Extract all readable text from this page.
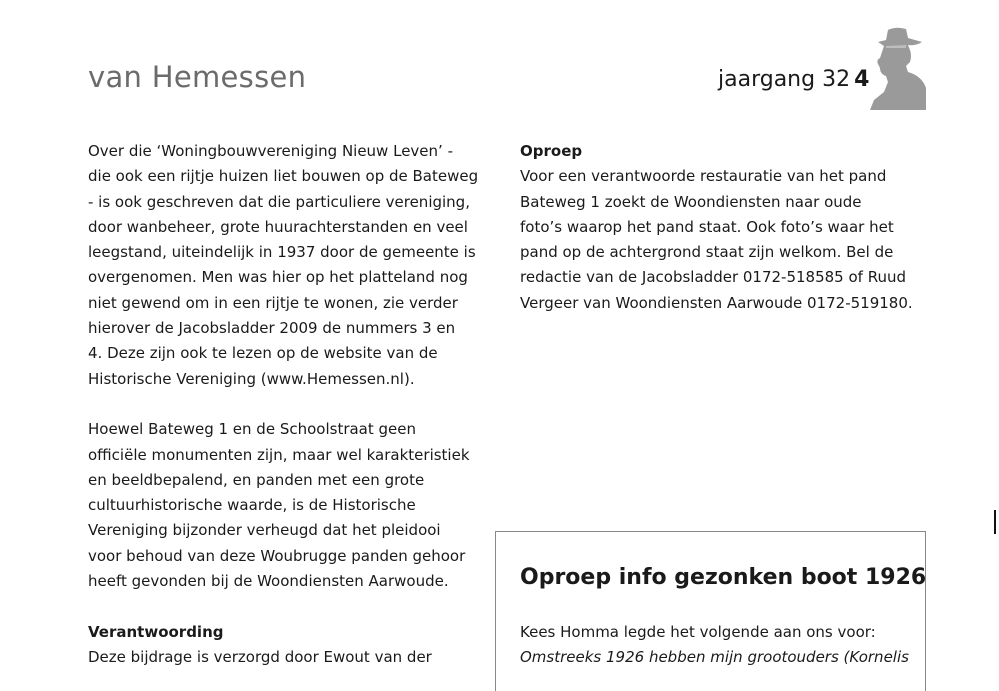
van Hemessen	jaargang 32 4

Over die ‘Woningbouwvereniging Nieuw Leven’ -

die ook een rijtje huizen liet bouwen op de Bateweg

- is ook geschreven dat die particuliere vereniging,

door wanbeheer, grote huurachterstanden en veel

leegstand, uiteindelijk in 1937 door de gemeente is

overgenomen. Men was hier op het platteland nog

niet gewend om in een rijtje te wonen, zie verder

hierover de Jacobsladder 2009 de nummers 3 en

4. Deze zijn ook te lezen op de website van de

Historische Vereniging (www.Hemessen.nl).

Hoewel Bateweg 1 en de Schoolstraat geen

officiële monumenten zijn, maar wel karakteristiek

en beeldbepalend, en panden met een grote

cultuurhistorische waarde, is de Historische

Vereniging bijzonder verheugd dat het pleidooi

voor behoud van deze Woubrugge panden gehoor

heeft gevonden bij de Woondiensten Aarwoude.

Verantwoording

Deze bijdrage is verzorgd door Ewout van der

Oproep

Voor een verantwoorde restauratie van het pand

Bateweg 1 zoekt de Woondiensten naar oude

foto’s waarop het pand staat. Ook foto’s waar het

pand op de achtergrond staat zijn welkom. Bel de

redactie van de Jacobsladder 0172-518585 of Ruud

Vergeer van Woondiensten Aarwoude 0172-519180.

Oproep info gezonken boot 1926

Kees Homma legde het volgende aan ons voor:

Omstreeks 1926 hebben mijn grootouders (Kornelis
